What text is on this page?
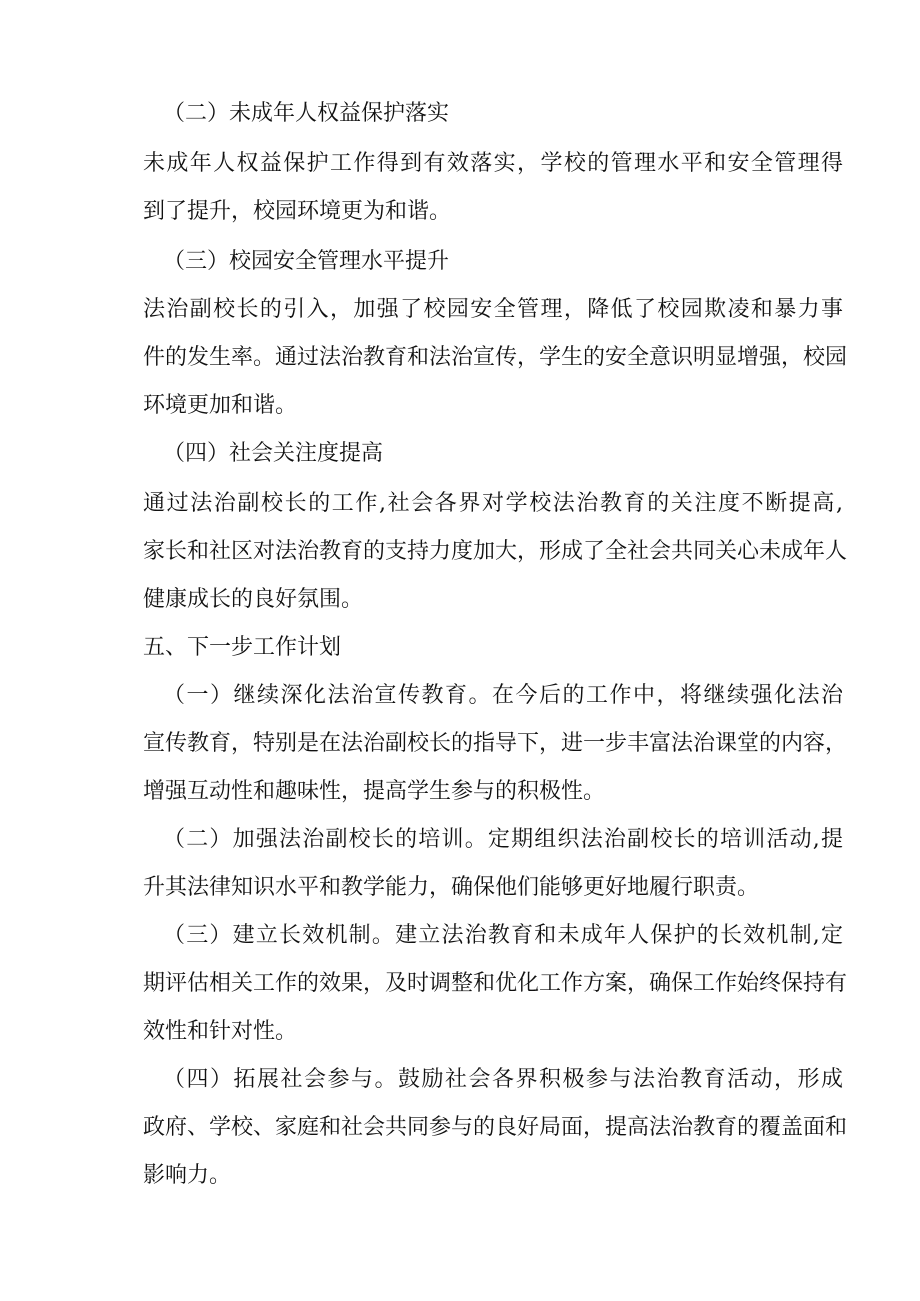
（二）未成年人权益保护落实

未成年人权益保护工作得到有效落实，学校的管理水平和安全管理得

到了提升，校园环境更为和谐。

（三）校园安全管理水平提升

法治副校长的引入，加强了校园安全管理，降低了校园欺凌和暴力事

件的发生率。通过法治教育和法治宣传，学生的安全意识明显增强，校园

环境更加和谐。

（四）社会关注度提高

通过法治副校长的工作,社会各界对学校法治教育的关注度不断提高,

家长和社区对法治教育的支持力度加大，形成了全社会共同关心未成年人

健康成长的良好氛围。

五、下一步工作计划

（一）继续深化法治宣传教育。在今后的工作中，将继续强化法治

宣传教育，特别是在法治副校长的指导下，进一步丰富法治课堂的内容，

增强互动性和趣味性，提高学生参与的积极性。

（二）加强法治副校长的培训。定期组织法治副校长的培训活动,提

升其法律知识水平和教学能力，确保他们能够更好地履行职责。

（三）建立长效机制。建立法治教育和未成年人保护的长效机制,定

期评估相关工作的效果，及时调整和优化工作方案，确保工作始终保持有

效性和针对性。

（四）拓展社会参与。鼓励社会各界积极参与法治教育活动，形成

政府、学校、家庭和社会共同参与的良好局面，提高法治教育的覆盖面和

影响力。
